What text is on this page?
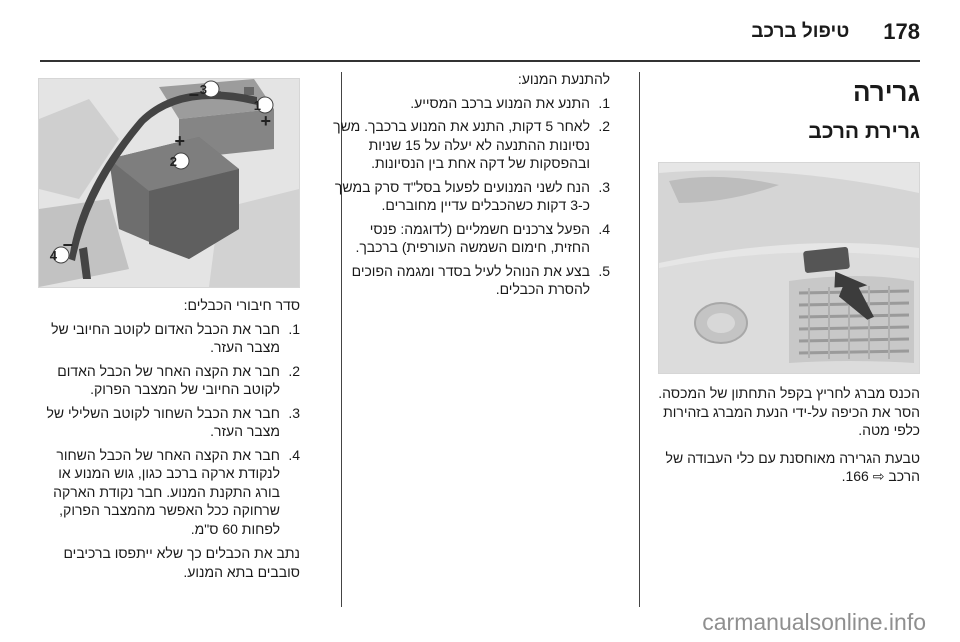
178
טיפול ברכב
גרירה
גרירת הרכב
הכנס מברג לחריץ בקפל התחתון של המכסה. הסר את הכיפה על-ידי הנעת המברג בזהירות כלפי מטה.
טבעת הגרירה מאוחסנת עם כלי העבודה של הרכב ⇨ 166.
להתנעת המנוע:
1.
התנע את המנוע ברכב המסייע.
2.
לאחר 5 דקות, התנע את המנוע ברכבך. משך נסיונות ההתנעה לא יעלה על 15 שניות ובהפסקות של דקה אחת בין הנסיונות.
3.
הנח לשני המנועים לפעול בסל"ד סרק במשך כ-3 דקות כשהכבלים עדיין מחוברים.
4.
הפעל צרכנים חשמליים (לדוגמה: פנסי החזית, חימום השמשה העורפית) ברכבך.
5.
בצע את הנוהל לעיל בסדר ומגמה הפוכים להסרת הכבלים.
1
+
3
−
2
+
4
−
סדר חיבורי הכבלים:
1.
חבר את הכבל האדום לקוטב החיובי של מצבר העזר.
2.
חבר את הקצה האחר של הכבל האדום לקוטב החיובי של המצבר הפרוק.
3.
חבר את הכבל השחור לקוטב השלילי של מצבר העזר.
4.
חבר את הקצה האחר של הכבל השחור לנקודת ארקה ברכב כגון, גוש המנוע או בורג התקנת המנוע. חבר נקודת הארקה שרחוקה ככל האפשר מהמצבר הפרוק, לפחות 60 ס"מ.
נתב את הכבלים כך שלא ייתפסו ברכיבים סובבים בתא המנוע.
carmanualsonline.info
